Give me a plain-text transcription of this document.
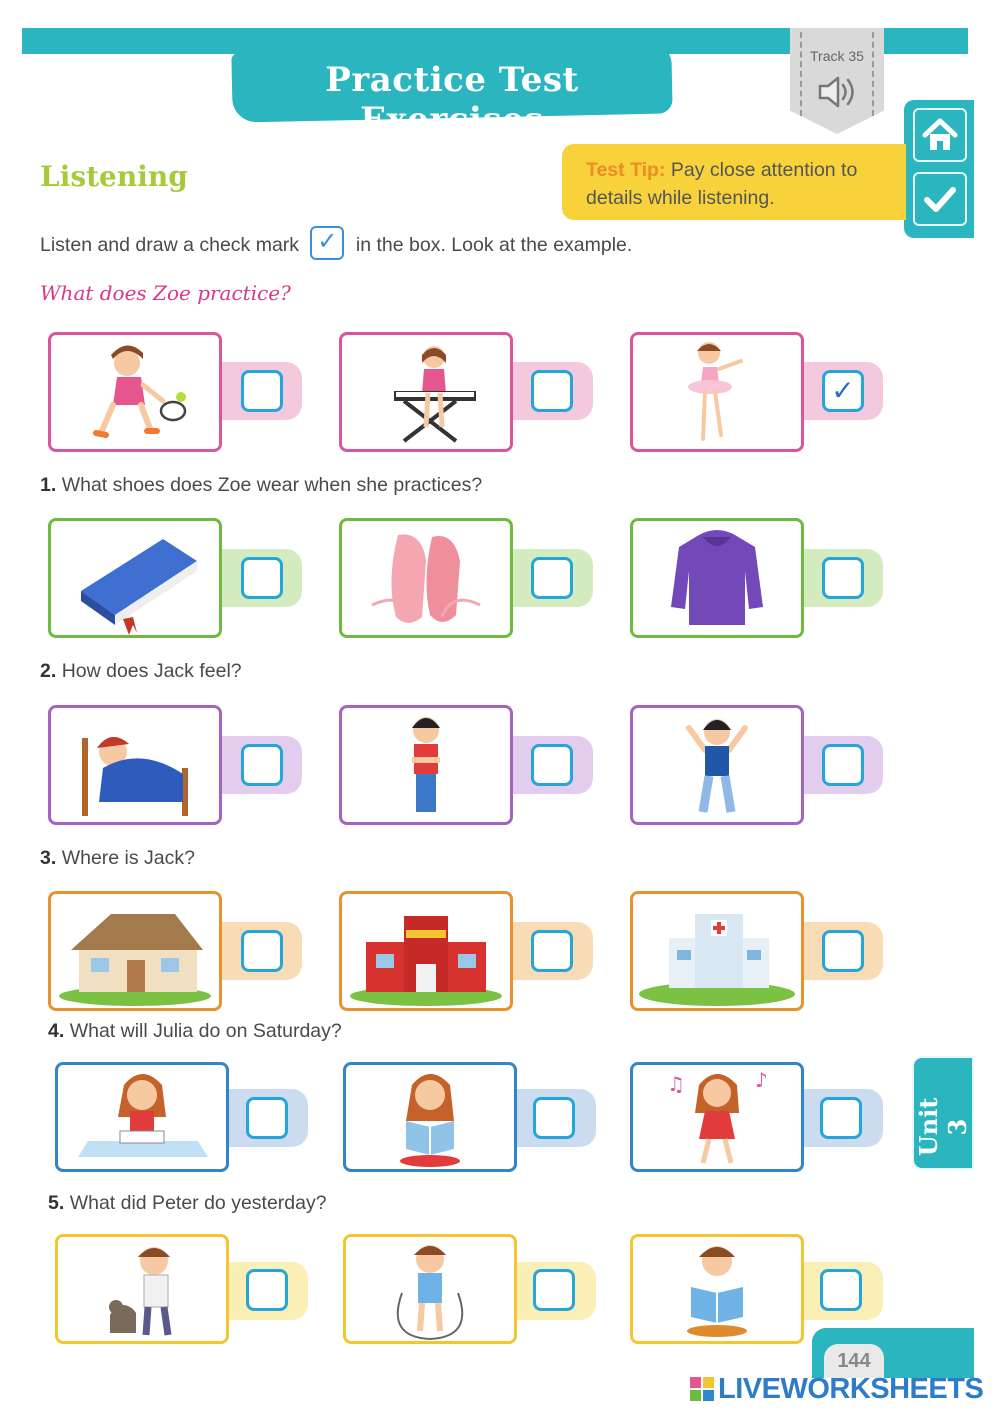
Practice Test Exercises
Track 35
Listening	Test Tip: Pay close attention to details while listening.
Listen and draw a check mark ✓ in the box. Look at the example.
What does Zoe practice?
1. What shoes does Zoe wear when she practices?
2. How does Jack feel?
3. Where is Jack?
4. What will Julia do on Saturday?
5. What did Peter do yesterday?
✓
♫	♪
Unit 3
144
LIVEWORKSHEETS
